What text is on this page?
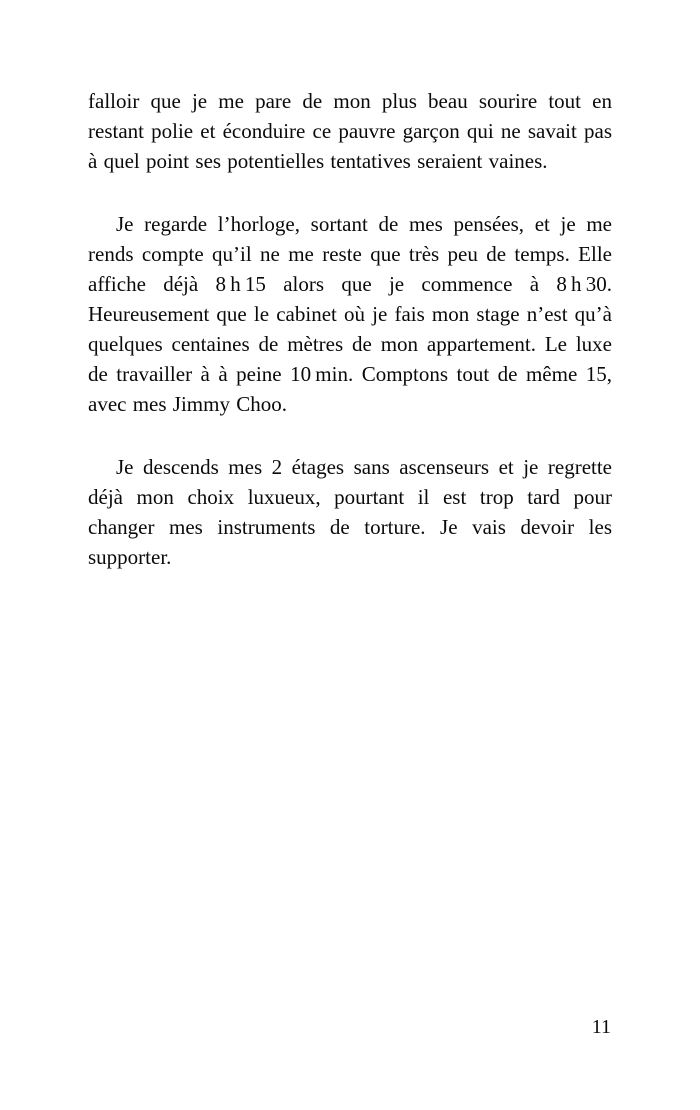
falloir que je me pare de mon plus beau sourire tout en restant polie et éconduire ce pauvre garçon qui ne savait pas à quel point ses potentielles tentatives seraient vaines.

Je regarde l’horloge, sortant de mes pensées, et je me rends compte qu’il ne me reste que très peu de temps. Elle affiche déjà 8 h 15 alors que je commence à 8 h 30. Heureusement que le cabinet où je fais mon stage n’est qu’à quelques centaines de mètres de mon appartement. Le luxe de travailler à à peine 10 min. Comptons tout de même 15, avec mes Jimmy Choo.

Je descends mes 2 étages sans ascenseurs et je regrette déjà mon choix luxueux, pourtant il est trop tard pour changer mes instruments de torture. Je vais devoir les supporter.

11
